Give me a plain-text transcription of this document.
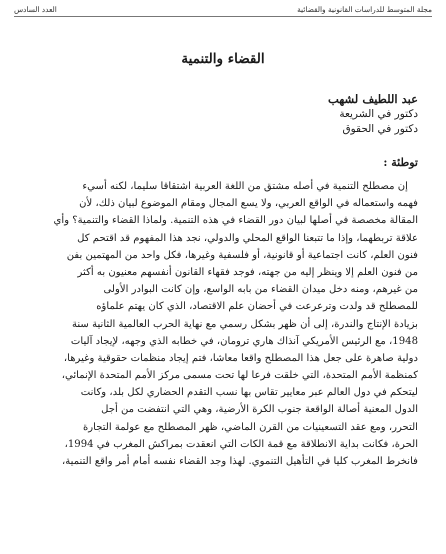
مجلة المتوسط للدراسات القانونية والقضائية
العدد السادس
القضاء والتنمية
عبد اللطيف لشهب
دكتور في الشريعة
دكتور في الحقوق
توطئة :
إن مصطلح التنمية في أصله مشتق من اللغة العربية اشتقاقا سليما، لكنه أسيء
فهمه واستعماله في الواقع العربي، ولا يسع المجال ومقام الموضوع لبيان ذلك، لأن
المقالة مخصصة في أصلها لبيان دور القضاء في هذه التنمية. ولماذا القضاء والتنمية؟ وأي
علاقة تربطهما، وإذا ما تتبعنا الواقع المحلي والدولي، نجد هذا المفهوم قد اقتحم كل
فنون العلم، كانت اجتماعية أو قانونية، أو فلسفية وغيرها، فكل واحد من المهتمين بفن
من فنون العلم إلا وينظر إليه من جهته، فوجد فقهاء القانون أنفسهم معنيون به أكثر
من غيرهم، ومنه دخل ميدان القضاء من بابه الواسع، وإن كانت البوادر الأولى
للمصطلح قد ولدت وترعرعت في أحضان علم الاقتصاد، الذي كان يهتم علماؤه
بزيادة الإنتاج والندرة، إلى أن ظهر بشكل رسمي مع نهاية الحرب العالمية الثانية سنة
1948، مع الرئيس الأمريكي آنذاك هاري ترومان، في خطابه الذي وجهه، لإيجاد آليات
دولية صاهرة على جعل هذا المصطلح واقعا معاشا، فتم إيجاد منظمات حقوقية وغيرها،
كمنظمة الأمم المتحدة، التي خلقت فرعا لها تحت مسمى مركز الأمم المتحدة الإنمائي،
ليتحكم في دول العالم عبر معايير تقاس بها نسب التقدم الحضاري لكل بلد، وكانت
الدول المعنية أصالة الواقعة جنوب الكرة الأرضية، وهي التي انتفضت من أجل
التحرر، ومع عقد التسعينيات من القرن الماضي، ظهر المصطلح مع عولمة التجارة
الحرة، فكانت بداية الانطلاقة مع قمة الكات التي انعقدت بمراكش المغرب في 1994،
فانخرط المغرب كليا في التأهيل التنموي. لهذا وجد القضاء نفسه أمام أمر واقع التنمية،
